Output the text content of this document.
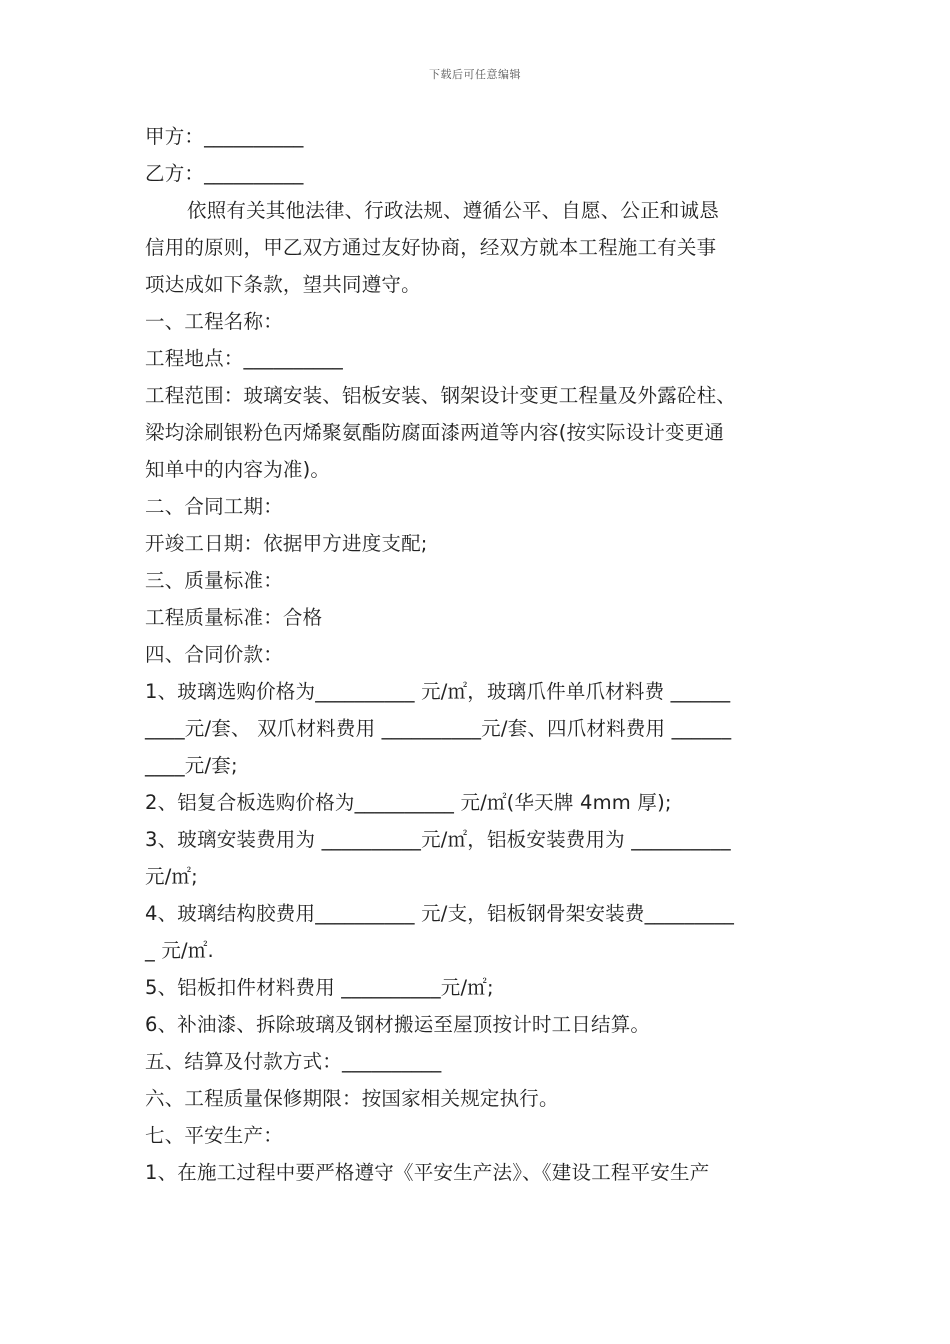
下载后可任意编辑
甲方：__________
乙方：__________
依照有关其他法律、行政法规、遵循公平、自愿、公正和诚恳
信用的原则，甲乙双方通过友好协商，经双方就本工程施工有关事
项达成如下条款，望共同遵守。
一、工程名称：
工程地点：__________
工程范围：玻璃安装、铝板安装、钢架设计变更工程量及外露砼柱、
梁均涂刷银粉色丙烯聚氨酯防腐面漆两道等内容(按实际设计变更通
知单中的内容为准)。
二、合同工期：
开竣工日期：依据甲方进度支配;
三、质量标准：
工程质量标准：合格
四、合同价款：
1、玻璃选购价格为__________ 元/㎡，玻璃爪件单爪材料费 ______
____元/套、 双爪材料费用 __________元/套、四爪材料费用 ______
____元/套;
2、铝复合板选购价格为__________ 元/㎡(华天牌 4mm 厚);
3、玻璃安装费用为 __________元/㎡，铝板安装费用为 __________
元/㎡;
4、玻璃结构胶费用__________ 元/支，铝板钢骨架安装费_________
_ 元/㎡.
5、铝板扣件材料费用 __________元/㎡;
6、补油漆、拆除玻璃及钢材搬运至屋顶按计时工日结算。
五、结算及付款方式：__________
六、工程质量保修期限：按国家相关规定执行。
七、平安生产：
1、在施工过程中要严格遵守《平安生产法》、《建设工程平安生产
